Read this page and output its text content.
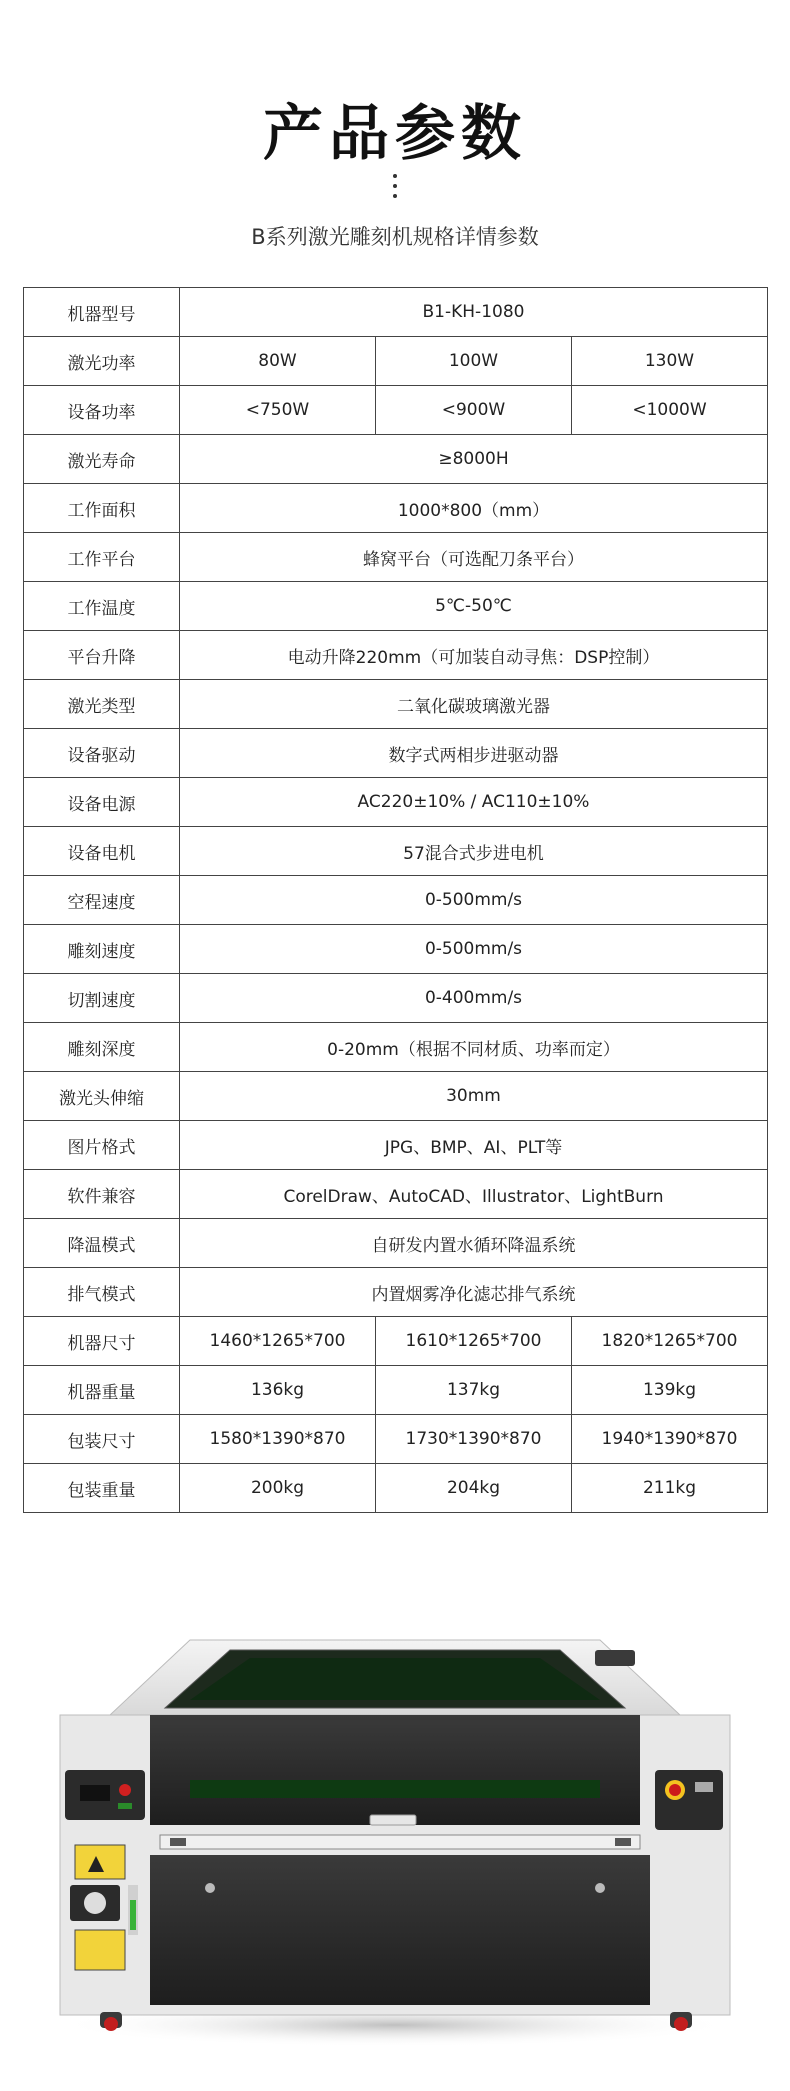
产品参数
B系列激光雕刻机规格详情参数
机器型号	B1-KH-1080		
激光功率	80W	100W	130W
设备功率	<750W	<900W	<1000W
激光寿命	≥8000H		
工作面积	1000*800（mm）		
工作平台	蜂窝平台（可选配刀条平台）		
工作温度	5℃-50℃		
平台升降	电动升降220mm（可加装自动寻焦：DSP控制）		
激光类型	二氧化碳玻璃激光器		
设备驱动	数字式两相步进驱动器		
设备电源	AC220±10% / AC110±10%		
设备电机	57混合式步进电机		
空程速度	0-500mm/s		
雕刻速度	0-500mm/s		
切割速度	0-400mm/s		
雕刻深度	0-20mm（根据不同材质、功率而定）		
激光头伸缩	30mm		
图片格式	JPG、BMP、AI、PLT等		
软件兼容	CorelDraw、AutoCAD、Illustrator、LightBurn		
降温模式	自研发内置水循环降温系统		
排气模式	内置烟雾净化滤芯排气系统		
机器尺寸	1460*1265*700	1610*1265*700	1820*1265*700
机器重量	136kg	137kg	139kg
包装尺寸	1580*1390*870	1730*1390*870	1940*1390*870
包装重量	200kg	204kg	211kg
